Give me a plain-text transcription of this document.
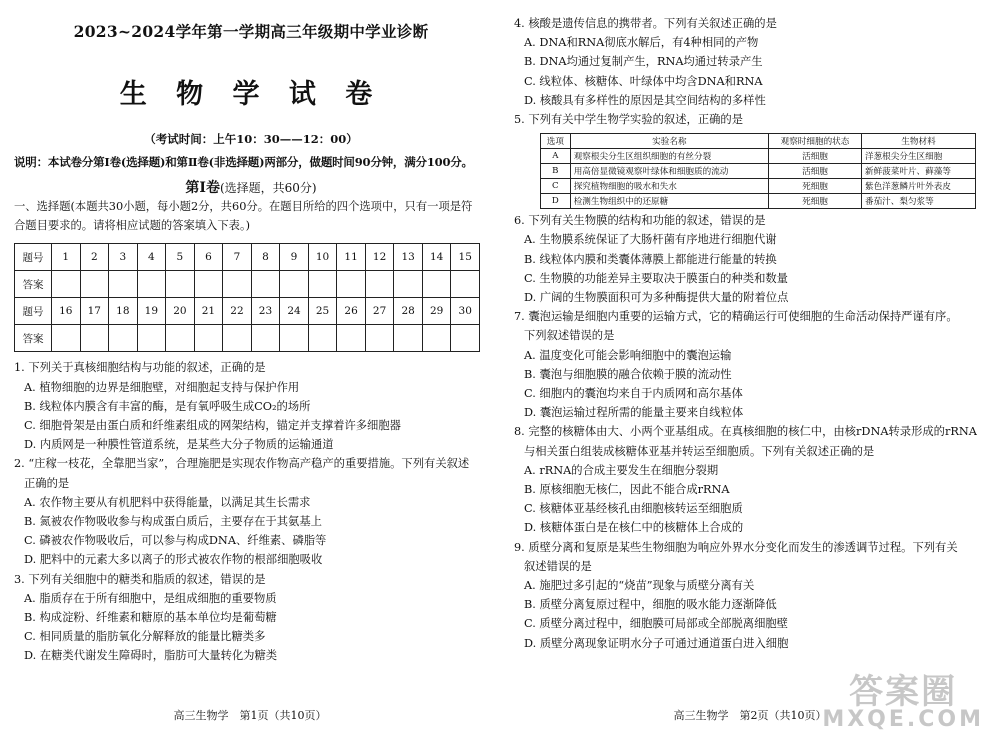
2023~2024学年第一学期高三年级期中学业诊断
生 物 学 试 卷
（考试时间：上午10：30——12：00）
说明：本试卷分第Ⅰ卷(选择题)和第Ⅱ卷(非选择题)两部分，做题时间90分钟，满分100分。
第Ⅰ卷(选择题，共60分)
一、选择题(本题共30小题，每小题2分，共60分。在题目所给的四个选项中，只有一项是符
合题目要求的。请将相应试题的答案填入下表。)
题号	1	2	3	4	5	6	7	8	9	10	11	12	13	14	15
答案															
题号	16	17	18	19	20	21	22	23	24	25	26	27	28	29	30
答案															
1. 下列关于真核细胞结构与功能的叙述，正确的是
A. 植物细胞的边界是细胞壁，对细胞起支持与保护作用
B. 线粒体内膜含有丰富的酶，是有氧呼吸生成CO₂的场所
C. 细胞骨架是由蛋白质和纤维素组成的网架结构，锚定并支撑着许多细胞器
D. 内质网是一种膜性管道系统，是某些大分子物质的运输通道
2. “庄稼一枝花，全靠肥当家”，合理施肥是实现农作物高产稳产的重要措施。下列有关叙述
正确的是
A. 农作物主要从有机肥料中获得能量，以满足其生长需求
B. 氮被农作物吸收参与构成蛋白质后，主要存在于其氨基上
C. 磷被农作物吸收后，可以参与构成DNA、纤维素、磷脂等
D. 肥料中的元素大多以离子的形式被农作物的根部细胞吸收
3. 下列有关细胞中的糖类和脂质的叙述，错误的是
A. 脂质存在于所有细胞中，是组成细胞的重要物质
B. 构成淀粉、纤维素和糖原的基本单位均是葡萄糖
C. 相同质量的脂肪氧化分解释放的能量比糖类多
D. 在糖类代谢发生障碍时，脂肪可大量转化为糖类
高三生物学　第1页（共10页）
4. 核酸是遗传信息的携带者。下列有关叙述正确的是
A. DNA和RNA彻底水解后，有4种相同的产物
B. DNA均通过复制产生，RNA均通过转录产生
C. 线粒体、核糖体、叶绿体中均含DNA和RNA
D. 核酸具有多样性的原因是其空间结构的多样性
5. 下列有关中学生物学实验的叙述，正确的是
选项	实验名称	观察时细胞的状态	生物材料
A	观察根尖分生区组织细胞的有丝分裂	活细胞	洋葱根尖分生区细胞
B	用高倍显微镜观察叶绿体和细胞质的流动	活细胞	新鲜菠菜叶片、藓藻等
C	探究植物细胞的吸水和失水	死细胞	紫色洋葱鳞片叶外表皮
D	检测生物组织中的还原糖	死细胞	番茄汁、梨匀浆等
6. 下列有关生物膜的结构和功能的叙述，错误的是
A. 生物膜系统保证了大肠杆菌有序地进行细胞代谢
B. 线粒体内膜和类囊体薄膜上都能进行能量的转换
C. 生物膜的功能差异主要取决于膜蛋白的种类和数量
D. 广阔的生物膜面积可为多种酶提供大量的附着位点
7. 囊泡运输是细胞内重要的运输方式，它的精确运行可使细胞的生命活动保持严谨有序。
下列叙述错误的是
A. 温度变化可能会影响细胞中的囊泡运输
B. 囊泡与细胞膜的融合依赖于膜的流动性
C. 细胞内的囊泡均来自于内质网和高尔基体
D. 囊泡运输过程所需的能量主要来自线粒体
8. 完整的核糖体由大、小两个亚基组成。在真核细胞的核仁中，由核rDNA转录形成的rRNA
与相关蛋白组装成核糖体亚基并转运至细胞质。下列有关叙述正确的是
A. rRNA的合成主要发生在细胞分裂期
B. 原核细胞无核仁，因此不能合成rRNA
C. 核糖体亚基经核孔由细胞核转运至细胞质
D. 核糖体蛋白是在核仁中的核糖体上合成的
9. 质壁分离和复原是某些生物细胞为响应外界水分变化而发生的渗透调节过程。下列有关
叙述错误的是
A. 施肥过多引起的“烧苗”现象与质壁分离有关
B. 质壁分离复原过程中，细胞的吸水能力逐渐降低
C. 质壁分离过程中，细胞膜可局部或全部脱离细胞壁
D. 质壁分离现象证明水分子可通过通道蛋白进入细胞
高三生物学　第2页（共10页）
答案圈
MXQE.COM
